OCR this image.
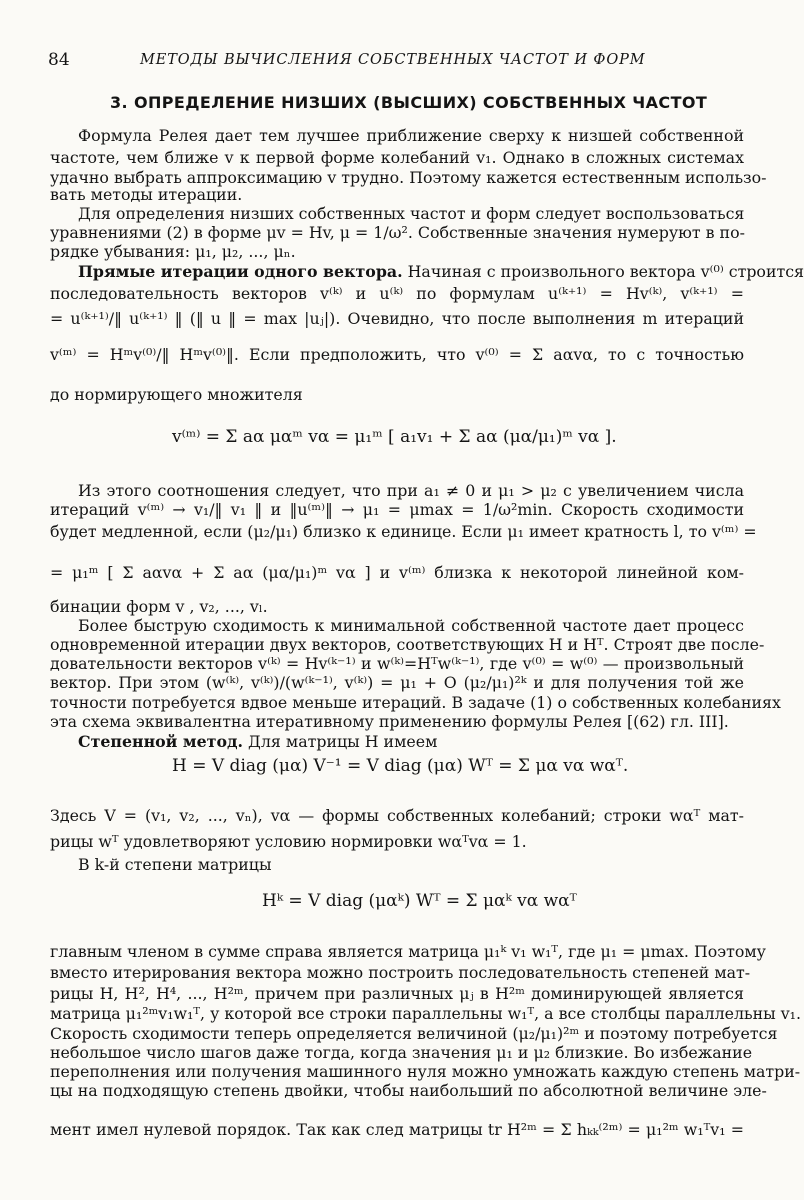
84	МЕТОДЫ ВЫЧИСЛЕНИЯ СОБСТВЕННЫХ ЧАСТОТ И ФОРМ
3. ОПРЕДЕЛЕНИЕ НИЗШИХ (ВЫСШИХ) СОБСТВЕННЫХ ЧАСТОТ
Формула Релея дает тем лучшее приближение сверху к низшей собственной
частоте, чем ближе v к первой форме колебаний v₁. Однако в сложных системах
удачно выбрать аппроксимацию v трудно. Поэтому кажется естественным использо-
вать методы итерации.
Для определения низших собственных частот и форм следует воспользоваться
уравнениями (2) в форме μv = Hv, μ = 1/ω². Собственные значения нумеруют в по-
рядке убывания: μ₁, μ₂, ..., μₙ.
Прямые итерации одного вектора. Начиная с произвольного вектора v⁽⁰⁾ строится
последовательность векторов v⁽ᵏ⁾ и u⁽ᵏ⁾ по формулам u⁽ᵏ⁺¹⁾ = Hv⁽ᵏ⁾, v⁽ᵏ⁺¹⁾ =
= u⁽ᵏ⁺¹⁾/‖ u⁽ᵏ⁺¹⁾ ‖ (‖ u ‖ = max |uⱼ|). Очевидно, что после выполнения m итераций
v⁽ᵐ⁾ = Hᵐv⁽⁰⁾/‖ Hᵐv⁽⁰⁾‖. Если предположить, что v⁽⁰⁾ = Σ aαvα, то с точностью
до нормирующего множителя
v⁽ᵐ⁾ = Σ aα μαᵐ vα = μ₁ᵐ [ a₁v₁ + Σ aα (μα/μ₁)ᵐ vα ].
Из этого соотношения следует, что при a₁ ≠ 0 и μ₁ > μ₂ с увеличением числа
итераций v⁽ᵐ⁾ → v₁/‖ v₁ ‖ и ‖u⁽ᵐ⁾‖ → μ₁ = μmax = 1/ω²min. Скорость сходимости
будет медленной, если (μ₂/μ₁) близко к единице. Если μ₁ имеет кратность l, то v⁽ᵐ⁾ =
= μ₁ᵐ [ Σ aαvα + Σ aα (μα/μ₁)ᵐ vα ] и v⁽ᵐ⁾ близка к некоторой линейной ком-
бинации форм v , v₂, ..., vₗ.
Более быструю сходимость к минимальной собственной частоте дает процесс
одновременной итерации двух векторов, соответствующих H и Hᵀ. Строят две после-
довательности векторов v⁽ᵏ⁾ = Hv⁽ᵏ⁻¹⁾ и w⁽ᵏ⁾=Hᵀw⁽ᵏ⁻¹⁾, где v⁽⁰⁾ = w⁽⁰⁾ — произвольный
вектор. При этом (w⁽ᵏ⁾, v⁽ᵏ⁾)/(w⁽ᵏ⁻¹⁾, v⁽ᵏ⁾) = μ₁ + O (μ₂/μ₁)²ᵏ и для получения той же
точности потребуется вдвое меньше итераций. В задаче (1) о собственных колебаниях
эта схема эквивалентна итеративному применению формулы Релея [(62) гл. III].
Степенной метод. Для матрицы H имеем
H = V diag (μα) V⁻¹ = V diag (μα) Wᵀ = Σ μα vα wαᵀ.
Здесь V = (v₁, v₂, ..., vₙ), vα — формы собственных колебаний; строки wαᵀ мат-
рицы wᵀ удовлетворяют условию нормировки wαᵀvα = 1.
В k-й степени матрицы
Hᵏ = V diag (μαᵏ) Wᵀ = Σ μαᵏ vα wαᵀ
главным членом в сумме справа является матрица μ₁ᵏ v₁ w₁ᵀ, где μ₁ = μmax. Поэтому
вместо итерирования вектора можно построить последовательность степеней мат-
рицы H, H², H⁴, ..., H²ᵐ, причем при различных μⱼ в H²ᵐ доминирующей является
матрица μ₁²ᵐv₁w₁ᵀ, у которой все строки параллельны w₁ᵀ, а все столбцы параллельны v₁.
Скорость сходимости теперь определяется величиной (μ₂/μ₁)²ᵐ и поэтому потребуется
небольшое число шагов даже тогда, когда значения μ₁ и μ₂ близкие. Во избежание
переполнения или получения машинного нуля можно умножать каждую степень матри-
цы на подходящую степень двойки, чтобы наибольший по абсолютной величине эле-
мент имел нулевой порядок. Так как след матрицы tr H²ᵐ = Σ hₖₖ⁽²ᵐ⁾ = μ₁²ᵐ w₁ᵀv₁ =
